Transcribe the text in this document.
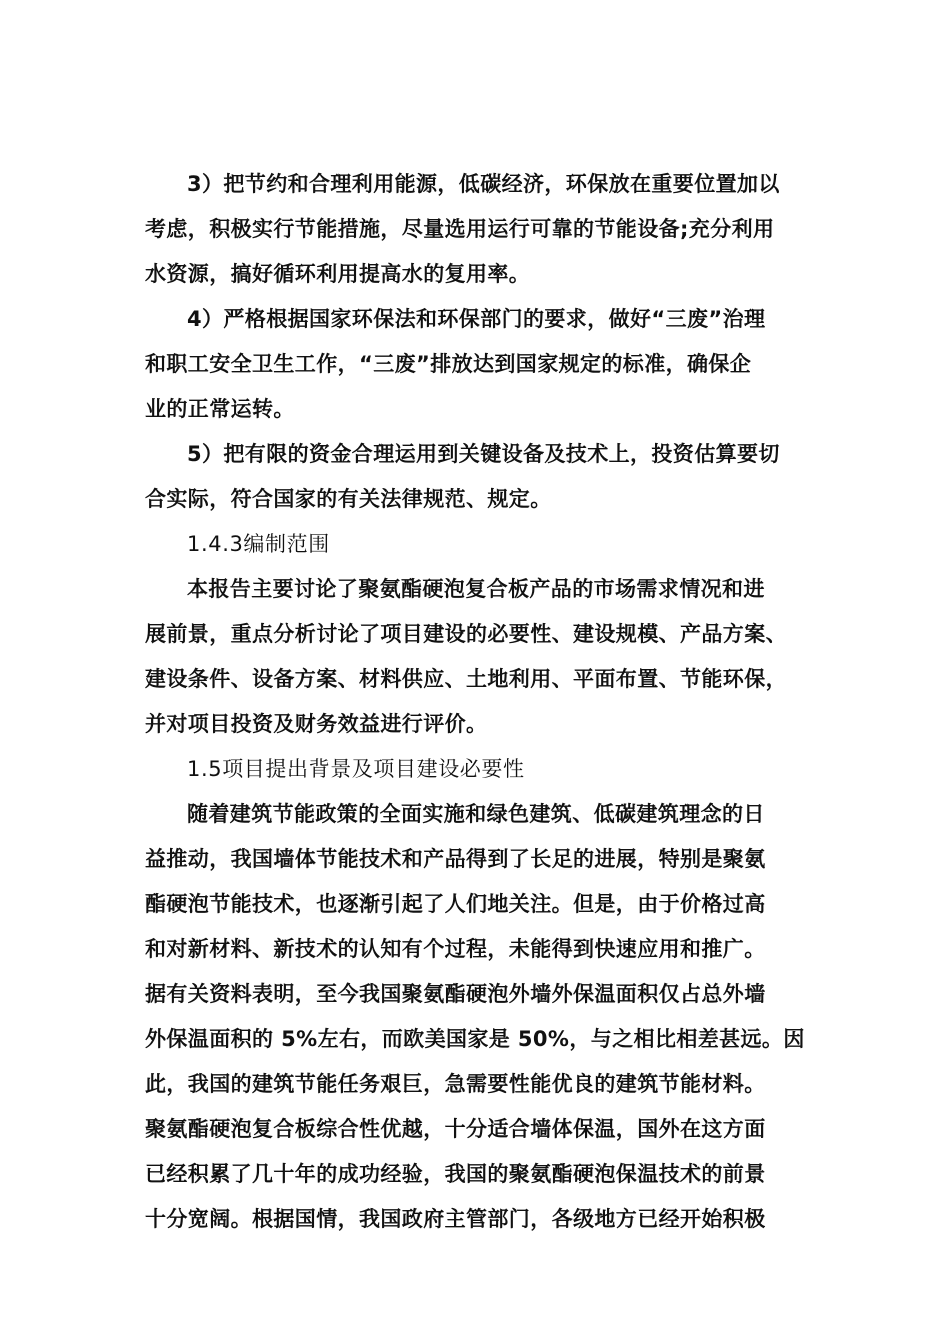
3）把节约和合理利用能源，低碳经济，环保放在重要位置加以
考虑，积极实行节能措施，尽量选用运行可靠的节能设备;充分利用
水资源，搞好循环利用提高水的复用率。
4）严格根据国家环保法和环保部门的要求，做好“三废”治理
和职工安全卫生工作，“三废”排放达到国家规定的标准，确保企
业的正常运转。
5）把有限的资金合理运用到关键设备及技术上，投资估算要切
合实际，符合国家的有关法律规范、规定。
1.4.3编制范围
本报告主要讨论了聚氨酯硬泡复合板产品的市场需求情况和进
展前景，重点分析讨论了项目建设的必要性、建设规模、产品方案、
建设条件、设备方案、材料供应、土地利用、平面布置、节能环保，
并对项目投资及财务效益进行评价。
1.5项目提出背景及项目建设必要性
随着建筑节能政策的全面实施和绿色建筑、低碳建筑理念的日
益推动，我国墙体节能技术和产品得到了长足的进展，特别是聚氨
酯硬泡节能技术，也逐渐引起了人们地关注。但是，由于价格过高
和对新材料、新技术的认知有个过程，未能得到快速应用和推广。
据有关资料表明，至今我国聚氨酯硬泡外墙外保温面积仅占总外墙
外保温面积的 5%左右，而欧美国家是 50%，与之相比相差甚远。因
此，我国的建筑节能任务艰巨，急需要性能优良的建筑节能材料。
聚氨酯硬泡复合板综合性优越，十分适合墙体保温，国外在这方面
已经积累了几十年的成功经验，我国的聚氨酯硬泡保温技术的前景
十分宽阔。根据国情，我国政府主管部门，各级地方已经开始积极
